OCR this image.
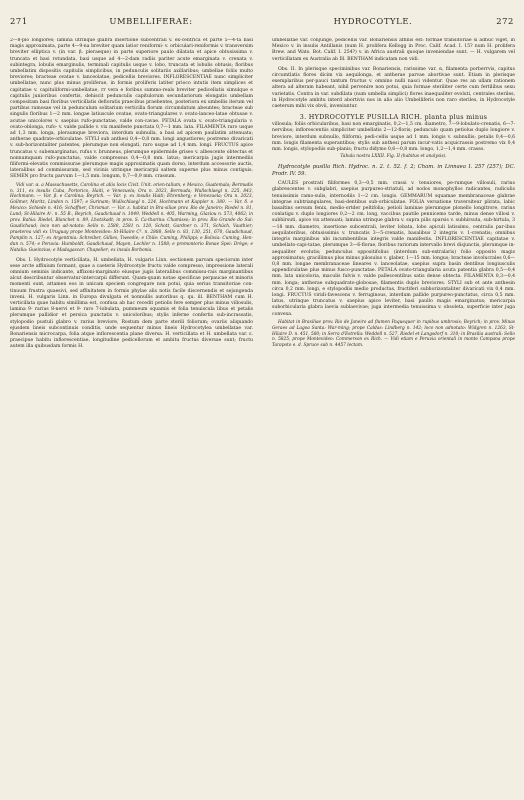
271	UMBELLIFERAE:	HYDROCOTYLE.	272

2—8-plo longiores; lamina utrinque glabra insertione subcentrali v. ex-centrica et parte 5—4-ta basi magis approximata, parte 4—9-na breviter quam latior reniformi- v. orbiculari-reniformis v. transversim breviter elliptica v. (in var. β. pleraeque) in parte superiore paulo dilatata et apice obtusissima v. truncata et basi rotundata, basi usque ad 4—2-dam radiis pariter acute emarginata v. crenata v. subintegra, lobulis emarginulis, terminali capitulis usque v. lobo, truncata et lobulis obtusis; floribus umbellatim dispositis capitulis simplicibus, in pedunculis solitariis axillaribus; umbellae foliis multo breviores; bracteae ovatae v. lanceolatae, pedicellis breviores. INFLORESCENTIAE nunc simpliciter umbellatae, nunc plus minus proliferae, in formis proliferis latiter prioco intutis item simplices et capitatae v. capituliformi-umbellatae, rr vera e foribus summo-reals breviter pedicellatis simulque e capitulis junioribus confertis, dehiscit pedunculis capitulorum secundariorum elongatis umbellam compositam basi floribus verticillatis defloratis praecibus praebentes, posteriora ex umbellis iterum vel partibus ramosae vel in pedunculum solitarium verticilla florum circumdatum abeuntes; bracteae sub singulis floribus 1—2 mm. longae latiuscule ovatae, ovato-triangulares v. ovato-lanceo-latae obtusae v. acutae unicolores v. saepius rufo-punctatae, valde con-cavae. PETALA ovata v. ovato-triangularia v. ovato-oblonga, rufo- v. valde pallide v. vix manifeste punctata 0,7—1 mm. lata. FILAMENTA raro usque ad 1,3 mm. longa, pleraumque breviora, interdum subnulla, a basi ad apicem paullatim attenuata; antherae quadrate-orbiculatae. STYLI sub anthesi 0,4—0,8 mm. longi angustiores; postremo divaricati v. sub-horizontaliter patentes, plerumque non elongati, raro usque ad 1,4 mm. longi. FRUCTUS apice truncatus v. subemarginatus, rufus v. brunneus, plerumque epidermide griseo v. albescente obtectus et nonnumquam rufo-punctatus, valde compressus 0,4—0,8 mm. latus; mericarpia jugis intermediis filiformi-elevatis commissurae plerumque magis approximatis quam dorso, interdum accessorie auctis, lateralibus ad commissuram, sed vicinis utrinque mericarpii saltem superne plus minus contiguis. SEMEN pro fructu parvum 1—1,5 mm. longum, 0,7—0,9 mm. crassum.

Vidi var. α. a Massachusetts, Carolina et aliis locis Civit. Unit. orien-talium, e Mexico, Guatemala; Bermudis n. 311, ex insulis Cuba, Portorico, Haiti, e Venezuela; Ora n. 2023, Bermuda; Wullschlaegl n. 225, 843, Hochmann. — Var. β. e Carolina; Beyrich. — Var. γ. ex insulis Haiti; Ehrenberg; e Venezuela; Ora n. 2023, Gollmer, Moritz, Linden n. 1597; e Surinam; Wullschlaegl n. 224, Hochmann et Kappler n. 380. — Var. δ. e Mexico: Schiede n. 416; Schaffner, Chrismar. — Var. ε. habitat in Bra-siliae prov. Rio de Janeiro; Riedel n. 81, Lund; St-Hilaire A¹. n. 55 B., Beyrich, Gaudichaud n. 1049, Weddell n. 405, Warming, Glaziou n. 573, 4062; in prov. Bahia: Riedel, Blanchet n. 89, Lhotzkadt; in prov. S. Ca-tharina: Chamisso; in prov. Rio Grande do Sul: Gaudichaud; loco non ad-notato: Sello n. 2580, 2581 n. 120, Schott, Gardner n. 371, Schüch, Vauthier; praeterea vidi ex Uruguay prope Montevideo: St-Hilaire C³. n. 2888, Sello n. 83, 130, 251, 670, Gaudichaud, Pamplin n. 127; ex Argentinia: Schreiber, Gillies, Tweedie; e Chile: Cuming, Philippi; e Bolivia: Cuming, Hen-dun n. 574; e Peruvia: Humboldt, Gaudichaud, Mayen, Lechler n. 1588; e promontorio Bonae Spei: Drège; e Natalia: Gueinzius; e Madagascar: Chapelier; ex insula Borbonia.

Obs. I. Hydrocotyle verticillata, H. umbellata, H. vulgaris Linn. sectionem parvam speciorum inter sese arcte affinium formant, quae a caeteris Hydrocotyle fructu valde compresso, impressione laterali omnium seminis indicante, affixoni-marginato eiusque jugis lateralibus commissu-rais marginantibus alcut describuntur observatur-intercarpii differunt. Quam-quam notae specificae perpaucae et minoris momenti sunt, attamen eos in unicam speciem congregare non potui, quia serius transitoriae con-tinuum frustra quaesivi, sed affinitatem in formis phylae alis notis facile discernendis et sejungenda inveni. H. vulgaris Linn. in Europa divulgata et nonnullis autoribus q. qu. ill. BENTHAM cum H. verticillata quae habitu simillima est, confusa ab hac recedit petiolis fere semper plus minus villosulis, lamina 9- rarius 8-nervi et 9- raro 7-lobulata, pummeum squamis et folia tenuiscula libus et petalis plerumque pallidior et persica punctatis v. unicoloribus; stylis inferne confertis sub-incrassatis, stylopodio pustuli glabro v. rarius breviore, Rostum dem parte sterili foliorum; ovariis aliquando ejusdem lineis subcontinuis conditis, unde sequentur minus lineis Hydrocotylea umbellatae var. Bonariensis microcarpa, folia atque inflorescentia plane diversa. H. verticillata et H. umbellata var. ε. praecipue habitu inflorescentiae, longitudine pedicellorum et ambitu fructus diversae sunt; fructu autem illa quibusdam formis H.

umbellatae var. conjunge, pedicellis var. Bonariensis affinis est: formae transitoriae si adhuc viget, in Mexico v. in insulis Antillanis (num H. prolifera Kellogg in Proc. Calif. Acad. I. 15? num H. prolifera Brew. and Wats. Bot. Calif. I. 254?) v. in Africa australi quoque inveniendae sunt. — H. vulgarem vel verticillatam ex Australia ab Ill. BENTHAM indicatam non vidi.

Obs. II. In plerisque speciminibus var. Bonariensis, rarissime var. α, filamenta porberrvis, capitus circumtlatis flores dicim vix aequilonga, et antherae parvae abortivae sunt. Etiam in plerisque exemplaribus per-pauci tantum fructus v. omnino nulli nasci videntur. Quae res an ullam rationem altera ad alteram habeant, nihil pervenire non potui, quia formae steriliter certe cum fertilibus sexu varietatis. Contra in var. subdilata (num umbella simplici) flores inaequaliter evoluti, centrales steriles, in Hydrocotyle ambitu interd abortivis nos in alio alio Umbelliferis non raro steriles, in Hydrocotyle caeterum mihi vix obvii, inveniuntur.

3. HYDROCOTYLE PUSILLA RICH. planta plus minus

villosula; foliis orbicularibus, basi non emarginatis, 0,2—1,5 cm. diametro, 7—9-lobulato-crenatis, 6—7-nervibus; inflorescentiis simpliciter umbellatis 2—12-floris; pedunculo quam petiolus duplo longiore v. breviore, interdum subnullo, filiformi; pedi-cellis usque ad 1 mm. longis v. subnullis; petalis 0,4—0,6 mm. longis filamenta superantibus; stylis sub anthesi parum incur-vatis acquicrassis postremo vix 0,4 mm. longis, stylopodiis sub-planis; fructu didymo 0,6—0,8 mm. longo, 1,2—1,4 mm. crasso.

Tabula nostra LXXII. Fig. II (habitus et analysis).

Hydrocotyle pusilla Rich. Hydroc. n. 2. t. 52. f. 2; Cham. in Linnaea I. 257 (257); DC. Prodr. IV. 59.

CAULES prostrati filiformes 0,3—0,5 mm. crassi v. tenuiores, pe-rumque villosuli, rarius glabrescentes v. subglabri, saepius purpureo-striatuli, ad nodos monophyllos radicantes, radiculis tenuissimis ramo-sulis, internodiis 1—2 cm. longis. GEMMARUM squamae membranaceae glabrae integrae subtriangulares, basi-dentibus sub-orbiculatae. FOLIA versatione traversiteur plirata, labic basaltins sersum fenix, medio-ortder peltifolia; petioli laminae plerumque plonello longitrore, rarius conlatigu v. duplo longiores 0,2—2 cm. long, vaccibus pautile pennicemo tarde, minus dense villosi v. subhirsuti, apice vix attenuati; lamina utrinque glabra v. supra pilis sparsis v. subhirsuta, sub-hirtula, 3—18 mm. diametro, insertione subcentrali, leviter lobata, lobo apiculi latissimo, centralis par-ibus aequilateribus, obtusissimis v. truncatis 3—5-crenatis, basalibus 2 integris v. 1-crenatis; omnibus integris marginibus ubi incumbentibus integris valde manifestis. INFLORESCENTIAE capitatae v. umbellato-capi-tatae, plerumque 3—6-florae, floribus rariorum intervallo brevi disjunctis, plerumque in-aequaliter evolutis; pedunculus oppositifolius (interdum sub-extralaris) folio opposito magis approximatus; gracillimus plus minus pilosulus v. glaber, 1—15 mm. longus; bracteae involucrales 0,6—0,8 mm. longae membranaceae lineares v. lanceolatae, saepius supra basin dentibus longiusculis appendiculatae plus minus fusco-punctatae. PETALA ovato-triangularia acuta patentia glabra 0,5—0,4 mm. lata unicoloria, maculis fulvis v. valde pallescentibus satis dense obtecta. FILAMENTA 0,3—0,4 mm. longa; antherae subquadrato-globosae, filamentis duplo breviores. STYLI sub et ante anthesin circa 0,2 mm. longi, e stylopodiis medio productas, fructiferi subhorizontaliter divaricati vix 0,4 mm. longi. FRUCTUS viridi-favescens v. ferruginous, interdum pallide purpureo-punctatus, circa 0,5 mm. latus, utrinque truncatus v. saepius apice leviter, basi paullo magis emarginatus; mericarpia suborbicularia glabra laevia sublaevivae; juga intermedia tenuissima v. obsoleta, superficie inter juga convexa.

Habitat in Brasiliae prov. Rio de Janeiro ad flumen Paquequer in rupibus umbrosis; Beyrich; in prov. Minas Geraes ad Lagoa Santa: War-ming; prope Caldas: Lindberg n. 142; loco non adnotato: Widgren n. 1263, St-Hilaire D. n. 451, 580; in Serra d'Estrella: Weddell n. 527, Riedel et Langsdorf n. 310; in Brasilia australi: Sello n. 5825, prope Montevideo: Commerson ex Rich. — Vidi etiam e Peruvia orientali in monte Campana prope Tarapoto e. d. Spruce sub n. 4457 lectam.
